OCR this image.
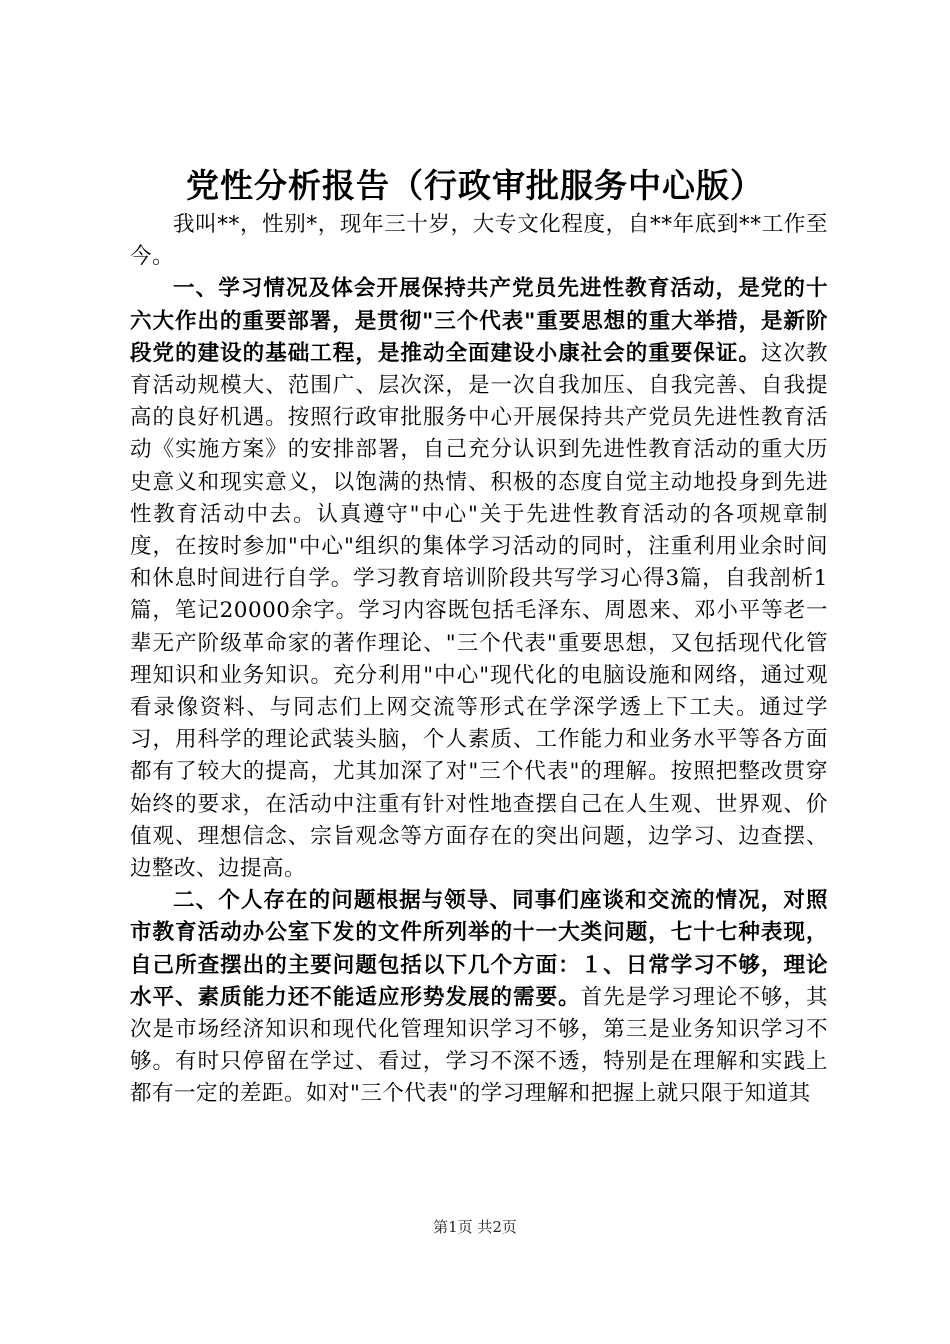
党性分析报告（行政审批服务中心版）

我叫**，性别*，现年三十岁，大专文化程度，自**年底到**工作至今。

一、学习情况及体会开展保持共产党员先进性教育活动，是党的十六大作出的重要部署，是贯彻"三个代表"重要思想的重大举措，是新阶段党的建设的基础工程，是推动全面建设小康社会的重要保证。这次教育活动规模大、范围广、层次深，是一次自我加压、自我完善、自我提高的良好机遇。按照行政审批服务中心开展保持共产党员先进性教育活动《实施方案》的安排部署，自己充分认识到先进性教育活动的重大历史意义和现实意义，以饱满的热情、积极的态度自觉主动地投身到先进性教育活动中去。认真遵守"中心"关于先进性教育活动的各项规章制度，在按时参加"中心"组织的集体学习活动的同时，注重利用业余时间和休息时间进行自学。学习教育培训阶段共写学习心得3篇，自我剖析1篇，笔记20000余字。学习内容既包括毛泽东、周恩来、邓小平等老一辈无产阶级革命家的著作理论、"三个代表"重要思想，又包括现代化管理知识和业务知识。充分利用"中心"现代化的电脑设施和网络，通过观看录像资料、与同志们上网交流等形式在学深学透上下工夫。通过学习，用科学的理论武装头脑，个人素质、工作能力和业务水平等各方面都有了较大的提高，尤其加深了对"三个代表"的理解。按照把整改贯穿始终的要求，在活动中注重有针对性地查摆自己在人生观、世界观、价值观、理想信念、宗旨观念等方面存在的突出问题，边学习、边查摆、边整改、边提高。

二、个人存在的问题根据与领导、同事们座谈和交流的情况，对照市教育活动办公室下发的文件所列举的十一大类问题，七十七种表现，自己所查摆出的主要问题包括以下几个方面：１、日常学习不够，理论水平、素质能力还不能适应形势发展的需要。首先是学习理论不够，其次是市场经济知识和现代化管理知识学习不够，第三是业务知识学习不够。有时只停留在学过、看过，学习不深不透，特别是在理解和实践上都有一定的差距。如对"三个代表"的学习理解和把握上就只限于知道其

第1页 共2页
